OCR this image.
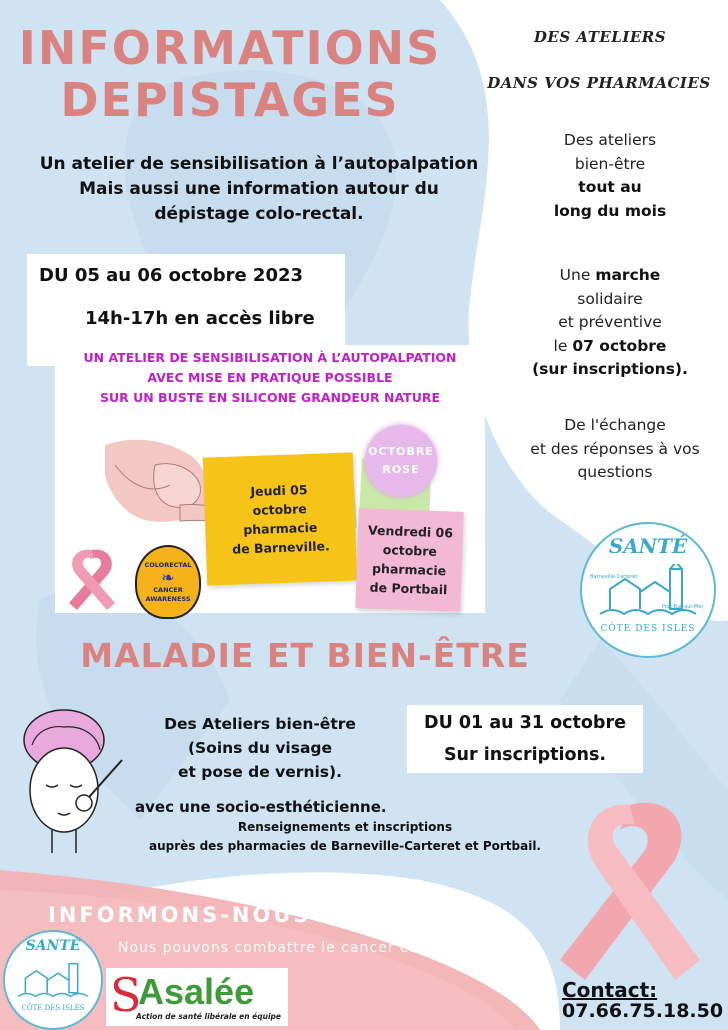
INFORMATIONS
DEPISTAGES
Un atelier de sensibilisation à l’autopalpation
Mais aussi une information autour du
dépistage colo-rectal.
DU 05 au 06 octobre 2023
14h-17h en accès libre
UN ATELIER DE SENSIBILISATION À L’AUTOPALPATION
AVEC MISE EN PRATIQUE POSSIBLE
SUR UN BUSTE EN SILICONE GRANDEUR NATURE
OCTOBRE
ROSE
Jeudi 05
octobre
pharmacie
de Barneville.
Vendredi 06
octobre
pharmacie
de Portbail
COLORECTAL
❧
CANCER
AWARENESS
DES ATELIERS
DANS VOS PHARMACIES
Des ateliers
bien-être
tout au
long du mois
Une marche
solidaire
et préventive
le 07 octobre
(sur inscriptions).
De l'échange
et des réponses à vos
questions
SANTÉ
Barneville-Carteret
Port-Bail-sur-Mer
CÔTE DES ISLES
MALADIE ET BIEN-ÊTRE
Des Ateliers bien-être
(Soins du visage
et pose de vernis).
DU 01 au 31 octobre
Sur inscriptions.
avec une socio-esthéticienne.
Renseignements et inscriptions
auprès des pharmacies de Barneville-Carteret et Portbail.
INFORMONS-NOUS
Nous pouvons combattre le cancer ensemble
SANTÉ
CÔTE DES ISLES S
Asalée
Action de santé libérale en équipe
Contact:
07.66.75.18.50
